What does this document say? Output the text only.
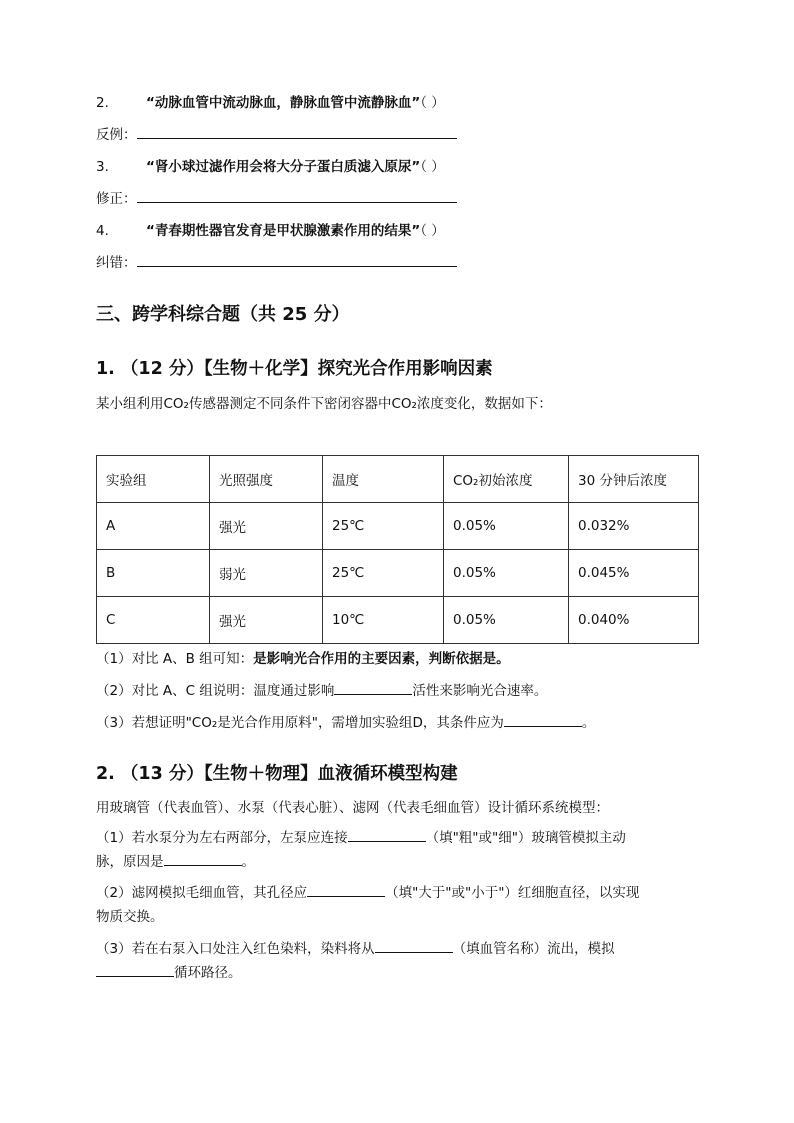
2.	“动脉血管中流动脉血，静脉血管中流静脉血”（ ）
反例：
3.	“肾小球过滤作用会将大分子蛋白质滤入原尿”（ ）
修正：
4.	“青春期性器官发育是甲状腺激素作用的结果”（ ）
纠错：
三、跨学科综合题（共 25 分）
1. （12 分）【生物＋化学】探究光合作用影响因素
某小组利用CO₂传感器测定不同条件下密闭容器中CO₂浓度变化，数据如下：
实验组	光照强度	温度	CO₂初始浓度	30 分钟后浓度
A	强光	25℃	0.05%	0.032%
B	弱光	25℃	0.05%	0.045%
C	强光	10℃	0.05%	0.040%
（1）对比 A、B 组可知：是影响光合作用的主要因素，判断依据是。
（2）对比 A、C 组说明：温度通过影响	活性来影响光合速率。
（3）若想证明"CO₂是光合作用原料"，需增加实验组D，其条件应为	。
2. （13 分）【生物＋物理】血液循环模型构建
用玻璃管（代表血管）、水泵（代表心脏）、滤网（代表毛细血管）设计循环系统模型：
（1）若水泵分为左右两部分，左泵应连接	（填"粗"或"细"）玻璃管模拟主动
脉，原因是	。
（2）滤网模拟毛细血管，其孔径应	（填"大于"或"小于"）红细胞直径，以实现
物质交换。
（3）若在右泵入口处注入红色染料，染料将从	（填血管名称）流出，模拟
循环路径。
